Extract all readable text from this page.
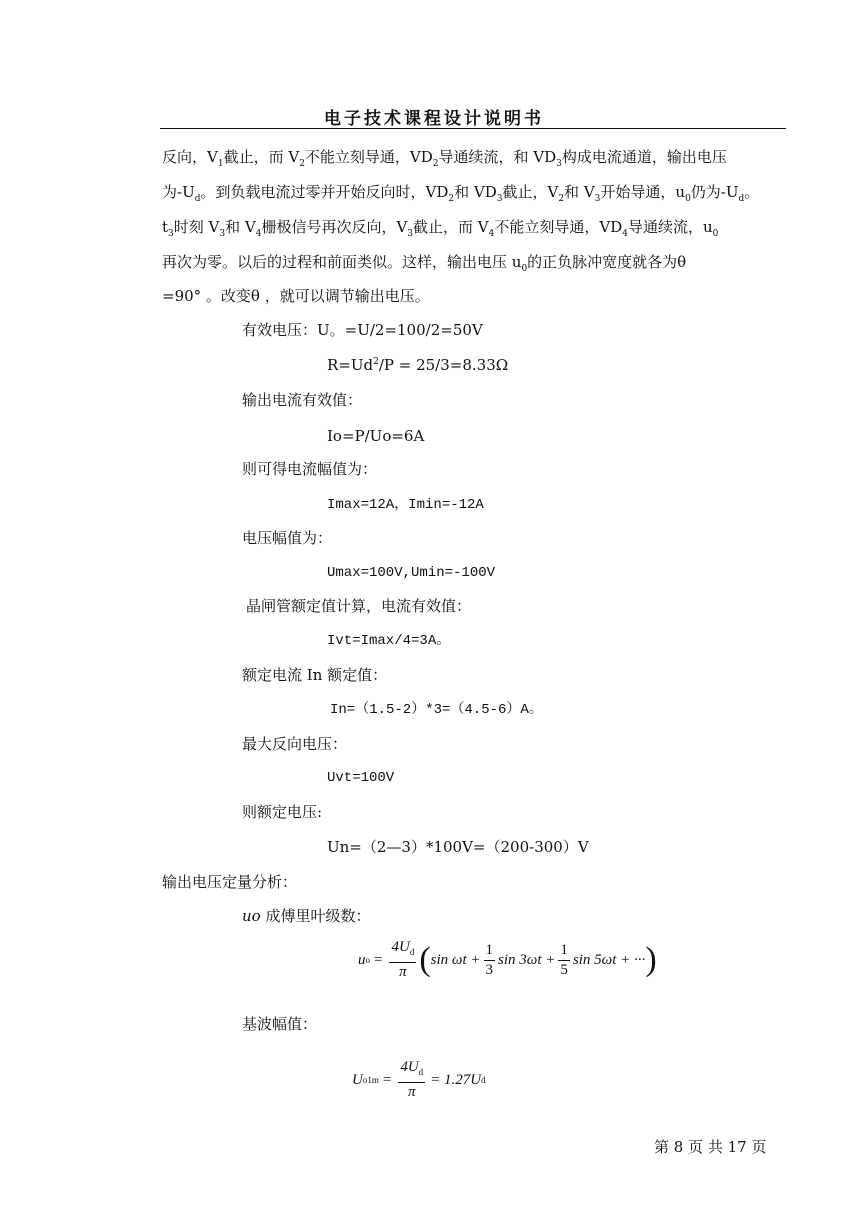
电子技术课程设计说明书
反向，$V_1$截止，而 $V_2$不能立刻导通，$VD_2$导通续流，和 $VD_3$构成电流通道，输出电压
为$-U_d$。到负载电流过零并开始反向时，$VD_2$和 $VD_3$截止，$V_2$和 $V_3$开始导通，$u_0$仍为$-U_d$。
$t_3$时刻 $V_3$和 $V_4$栅极信号再次反向，$V_3$截止，而 $V_4$不能立刻导通，$VD_4$导通续流，$u_0$
再次为零。以后的过程和前面类似。这样，输出电压 $u_0$的正负脉冲宽度就各为θ
=90° 。改变θ ，就可以调节输出电压。
有效电压：U。=U/2=100/2=50V
$R=Ud^2/P = 25/3=8.33\Omega$
输出电流有效值：
Io=P/Uo=6A
则可得电流幅值为：
Imax=12A，Imin=-12A
电压幅值为：
Umax=100V,Umin=-100V
晶闸管额定值计算，电流有效值：
Ivt=Imax/4=3A。
额定电流 In 额定值：
In=（1.5-2）*3=（4.5-6）A。
最大反向电压：
Uvt=100V
则额定电压:
Un=（2—3）*100V=（200-300）V
输出电压定量分析：
uo 成傅里叶级数：
u $o = \frac{4U_d}{\pi}$ ( $\sin \omega t + \frac{1}{3}$ $\sin 3\omega t + \frac{1}{5}$ sin 5ωt + ··· )
基波幅值：
U $o1m = \frac{4U_d}{\pi} = 1.27U$ d
第 8 页 共 17 页
